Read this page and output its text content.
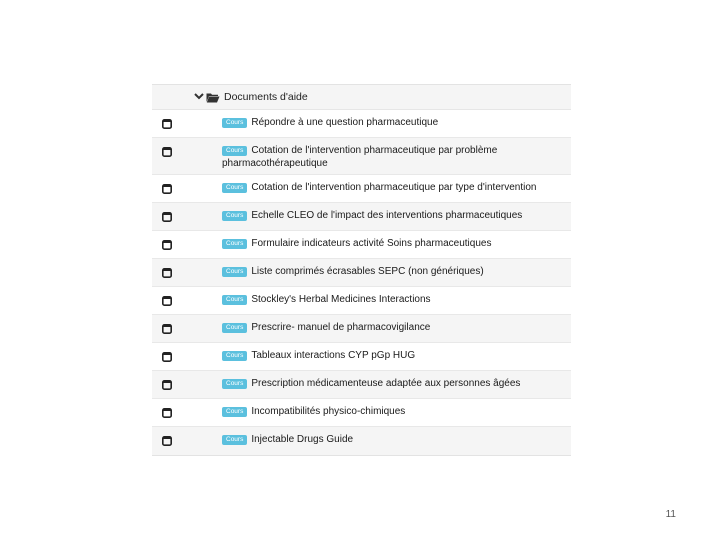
Documents d'aide
Cours Répondre à une question pharmaceutique
Cours Cotation de l'intervention pharmaceutique par problème pharmacothérapeutique
Cours Cotation de l'intervention pharmaceutique par type d'intervention
Cours Echelle CLEO de l'impact des interventions pharmaceutiques
Cours Formulaire indicateurs activité Soins pharmaceutiques
Cours Liste comprimés écrasables SEPC (non génériques)
Cours Stockley's Herbal Medicines Interactions
Cours Prescrire- manuel de pharmacovigilance
Cours Tableaux interactions CYP pGp HUG
Cours Prescription médicamenteuse adaptée aux personnes âgées
Cours Incompatibilités physico-chimiques
Cours Injectable Drugs Guide
11
